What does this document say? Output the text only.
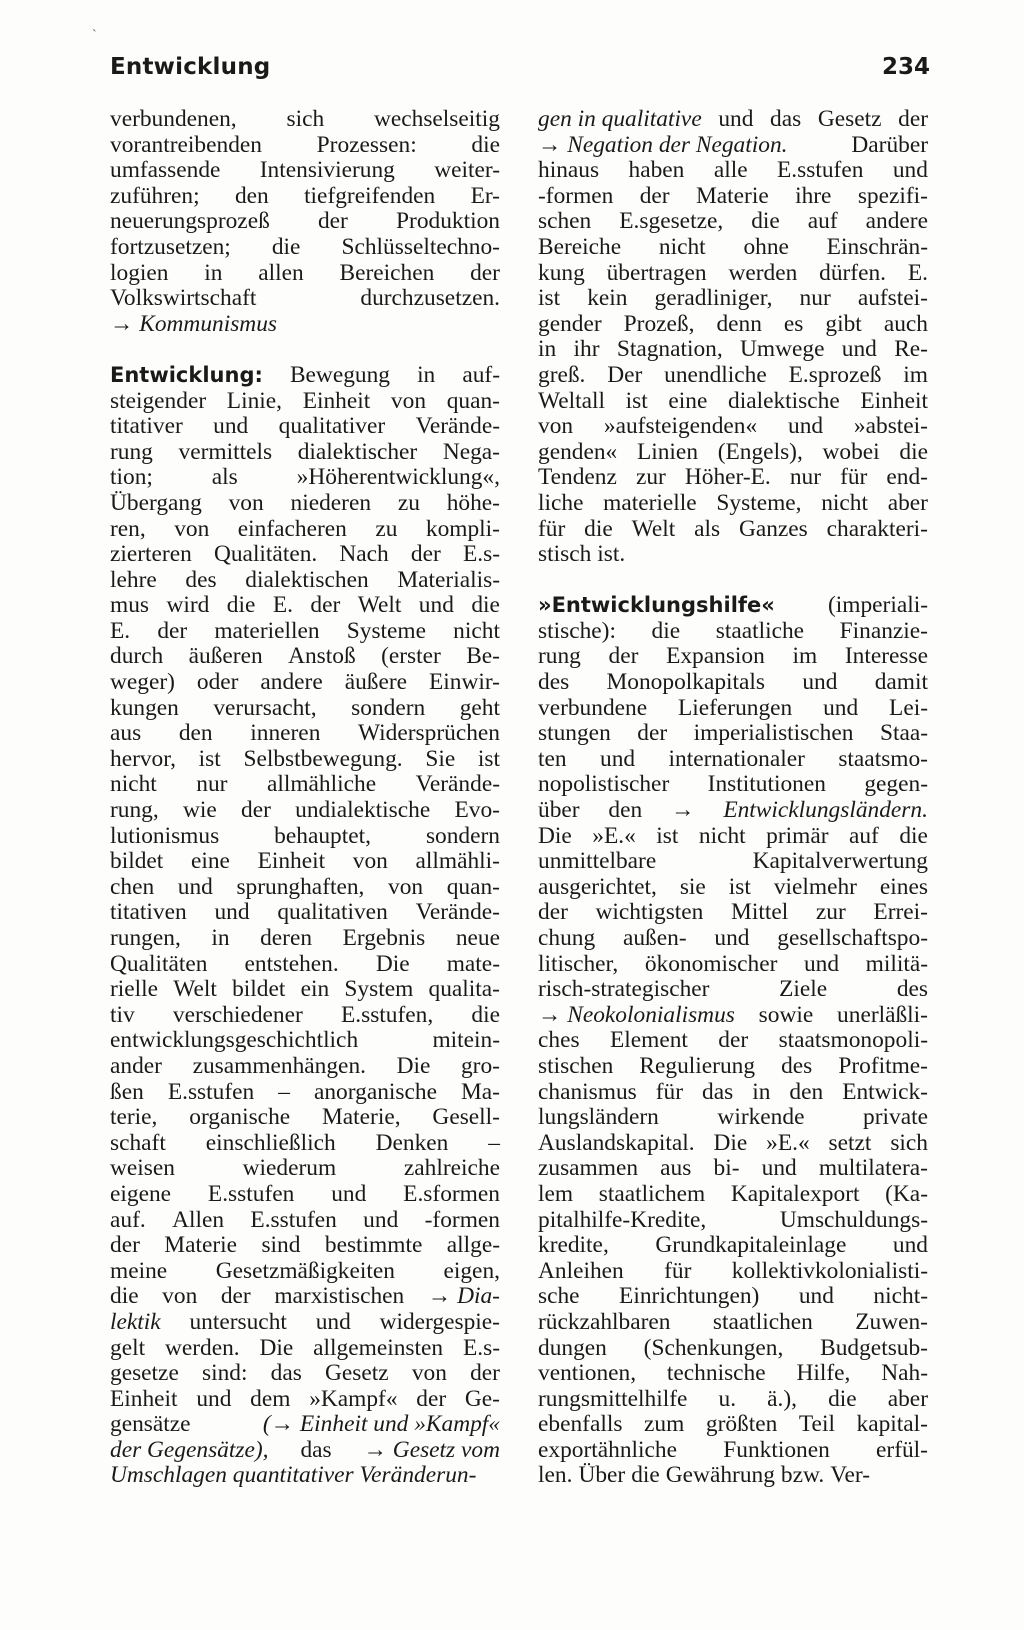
Entwicklung	234
verbundenen, sich wechselseitig
vorantreibenden Prozessen: die
umfassende Intensivierung weiter-
zuführen; den tiefgreifenden Er-
neuerungsprozeß der Produktion
fortzusetzen; die Schlüsseltechno-
logien in allen Bereichen der
Volkswirtschaft	durchzusetzen.
→ Kommunismus
Entwicklung: Bewegung in auf-
steigender Linie, Einheit von quan-
titativer und qualitativer Verände-
rung vermittels dialektischer Nega-
tion;	als	»Höherentwicklung«,
Übergang von niederen zu höhe-
ren, von einfacheren zu kompli-
zierteren Qualitäten. Nach der E.s-
lehre des dialektischen Materialis-
mus wird die E. der Welt und die
E. der materiellen Systeme nicht
durch äußeren Anstoß (erster Be-
weger) oder andere äußere Einwir-
kungen verursacht, sondern geht
aus den inneren Widersprüchen
hervor, ist Selbstbewegung. Sie ist
nicht nur allmähliche Verände-
rung, wie der undialektische Evo-
lutionismus behauptet, sondern
bildet eine Einheit von allmähli-
chen und sprunghaften, von quan-
titativen und qualitativen Verände-
rungen, in deren Ergebnis neue
Qualitäten entstehen. Die mate-
rielle Welt bildet ein System qualita-
tiv verschiedener E.sstufen, die
entwicklungsgeschichtlich	mitein-
ander zusammenhängen. Die gro-
ßen E.sstufen – anorganische Ma-
terie, organische Materie, Gesell-
schaft einschließlich Denken –
weisen	wiederum	zahlreiche
eigene E.sstufen und E.sformen
auf. Allen E.sstufen und -formen
der Materie sind bestimmte allge-
meine Gesetzmäßigkeiten eigen,
die von der marxistischen → Dia-
lektik untersucht und widergespie-
gelt werden. Die allgemeinsten E.s-
gesetze sind: das Gesetz von der
Einheit und dem »Kampf« der Ge-
gensätze	(→ Einheit und »Kampf«
der Gegensätze), das → Gesetz vom
Umschlagen quantitativer Veränderun-
gen in qualitative und das Gesetz der
→ Negation der Negation.	Darüber
hinaus haben alle E.sstufen und
-formen der Materie ihre spezifi-
schen E.sgesetze, die auf andere
Bereiche nicht ohne Einschrän-
kung übertragen werden dürfen. E.
ist kein geradliniger, nur aufstei-
gender Prozeß, denn es gibt auch
in ihr Stagnation, Umwege und Re-
greß. Der unendliche E.sprozeß im
Weltall ist eine dialektische Einheit
von »aufsteigenden« und »abstei-
genden« Linien (Engels), wobei die
Tendenz zur Höher-E. nur für end-
liche materielle Systeme, nicht aber
für die Welt als Ganzes charakteri-
stisch ist.
»Entwicklungshilfe« (imperiali-
stische): die staatliche Finanzie-
rung der Expansion im Interesse
des Monopolkapitals und damit
verbundene Lieferungen und Lei-
stungen der imperialistischen Staa-
ten und internationaler staatsmo-
nopolistischer Institutionen gegen-
über den → Entwicklungsländern.
Die »E.« ist nicht primär auf die
unmittelbare	Kapitalverwertung
ausgerichtet, sie ist vielmehr eines
der wichtigsten Mittel zur Errei-
chung außen- und gesellschaftspo-
litischer, ökonomischer und militä-
risch-strategischer	Ziele	des
→ Neokolonialismus sowie unerläßli-
ches Element der staatsmonopoli-
stischen Regulierung des Profitme-
chanismus für das in den Entwick-
lungsländern	wirkende	private
Auslandskapital. Die »E.« setzt sich
zusammen aus bi- und multilatera-
lem staatlichem Kapitalexport (Ka-
pitalhilfe-Kredite,	Umschuldungs-
kredite, Grundkapitaleinlage und
Anleihen für kollektivkolonialisti-
sche Einrichtungen) und nicht-
rückzahlbaren staatlichen Zuwen-
dungen (Schenkungen, Budgetsub-
ventionen, technische Hilfe, Nah-
rungsmittelhilfe u. ä.), die aber
ebenfalls zum größten Teil kapital-
exportähnliche Funktionen erfül-
len. Über die Gewährung bzw. Ver-
`
